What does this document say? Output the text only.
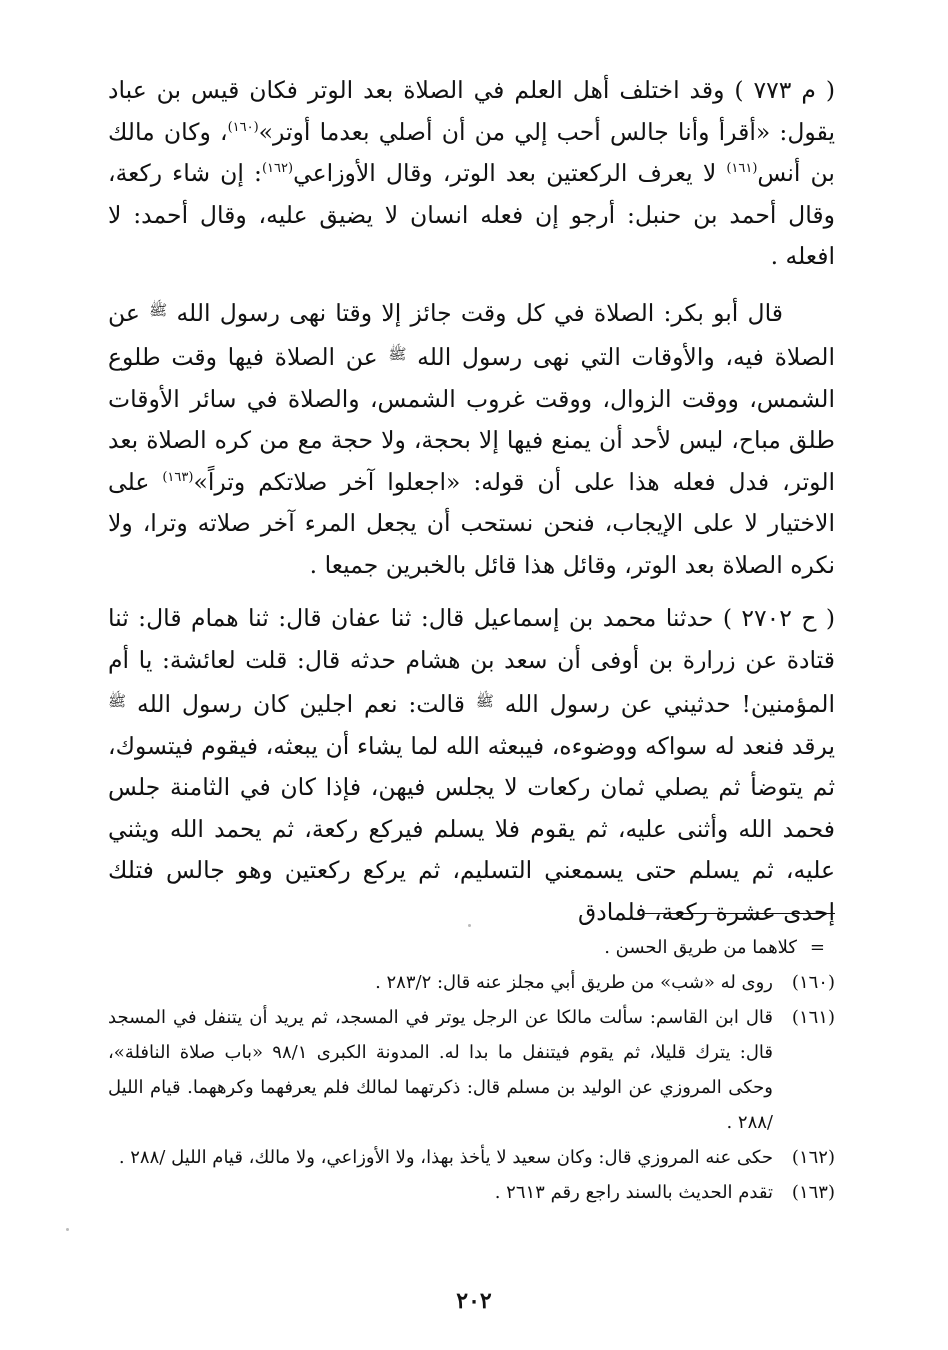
( م ٧٧٣ ) وقد اختلف أهل العلم في الصلاة بعد الوتر فكان قيس بن عباد يقول: «أقرأ وأنا جالس أحب إلي من أن أصلي بعدما أوتر»$^{(١٦٠)}$، وكان مالك بن أنس$^{(١٦١)}$ لا يعرف الركعتين بعد الوتر، وقال الأوزاعي$^{(١٦٢)}$: إن شاء ركعة، وقال أحمد بن حنبل: أرجو إن فعله انسان لا يضيق عليه، وقال أحمد: لا افعله .

قال أبو بكر: الصلاة في كل وقت جائز إلا وقتا نهى رسول الله $^ﷺ$ عن الصلاة فيه، والأوقات التي نهى رسول الله $^ﷺ$ عن الصلاة فيها وقت طلوع الشمس، ووقت الزوال، ووقت غروب الشمس، والصلاة في سائر الأوقات طلق مباح، ليس لأحد أن يمنع فيها إلا بحجة، ولا حجة مع من كره الصلاة بعد الوتر، فدل فعله هذا على أن قوله: «اجعلوا آخر صلاتكم وتراً»$^{(١٦٣)}$ على الاختيار لا على الإيجاب، فنحن نستحب أن يجعل المرء آخر صلاته وترا، ولا نكره الصلاة بعد الوتر، وقائل هذا قائل بالخبرين جميعا .

( ح ٢٧٠٢ ) حدثنا محمد بن إسماعيل قال: ثنا عفان قال: ثنا همام قال: ثنا قتادة عن زرارة بن أوفى أن سعد بن هشام حدثه قال: قلت لعائشة: يا أم المؤمنين! حدثيني عن رسول الله $^ﷺ$ قالت: نعم اجلين كان رسول الله $^ﷺ$ يرقد فنعد له سواكه ووضوءه، فيبعثه الله لما يشاء أن يبعثه، فيقوم فيتسوك، ثم يتوضأ ثم يصلي ثمان ركعات لا يجلس فيهن، فإذا كان في الثامنة جلس فحمد الله وأثنى عليه، ثم يقوم فلا يسلم فيركع ركعة، ثم يحمد الله ويثني عليه، ثم يسلم حتى يسمعني التسليم، ثم يركع ركعتين وهو جالس فتلك إحدى عشرة ركعة، فلمادق

=
كلاهما من طريق الحسن .
(١٦٠)
روى له «شب» من طريق أبي مجلز عنه قال: ٢٨٣/٢ .
(١٦١)
قال ابن القاسم: سألت مالكا عن الرجل يوتر في المسجد، ثم يريد أن يتنفل في المسجد قال: يترك قليلا، ثم يقوم فيتنفل ما بدا له. المدونة الكبرى ٩٨/١ «باب صلاة النافلة»، وحكى المروزي عن الوليد بن مسلم قال: ذكرتهما لمالك فلم يعرفهما وكرههما. قيام الليل /٢٨٨ .
(١٦٢)
حكى عنه المروزي قال: وكان سعيد لا يأخذ بهذا، ولا الأوزاعي، ولا مالك، قيام الليل /٢٨٨ .
(١٦٣)
تقدم الحديث بالسند راجع رقم ٢٦١٣ .
٢٠٢
